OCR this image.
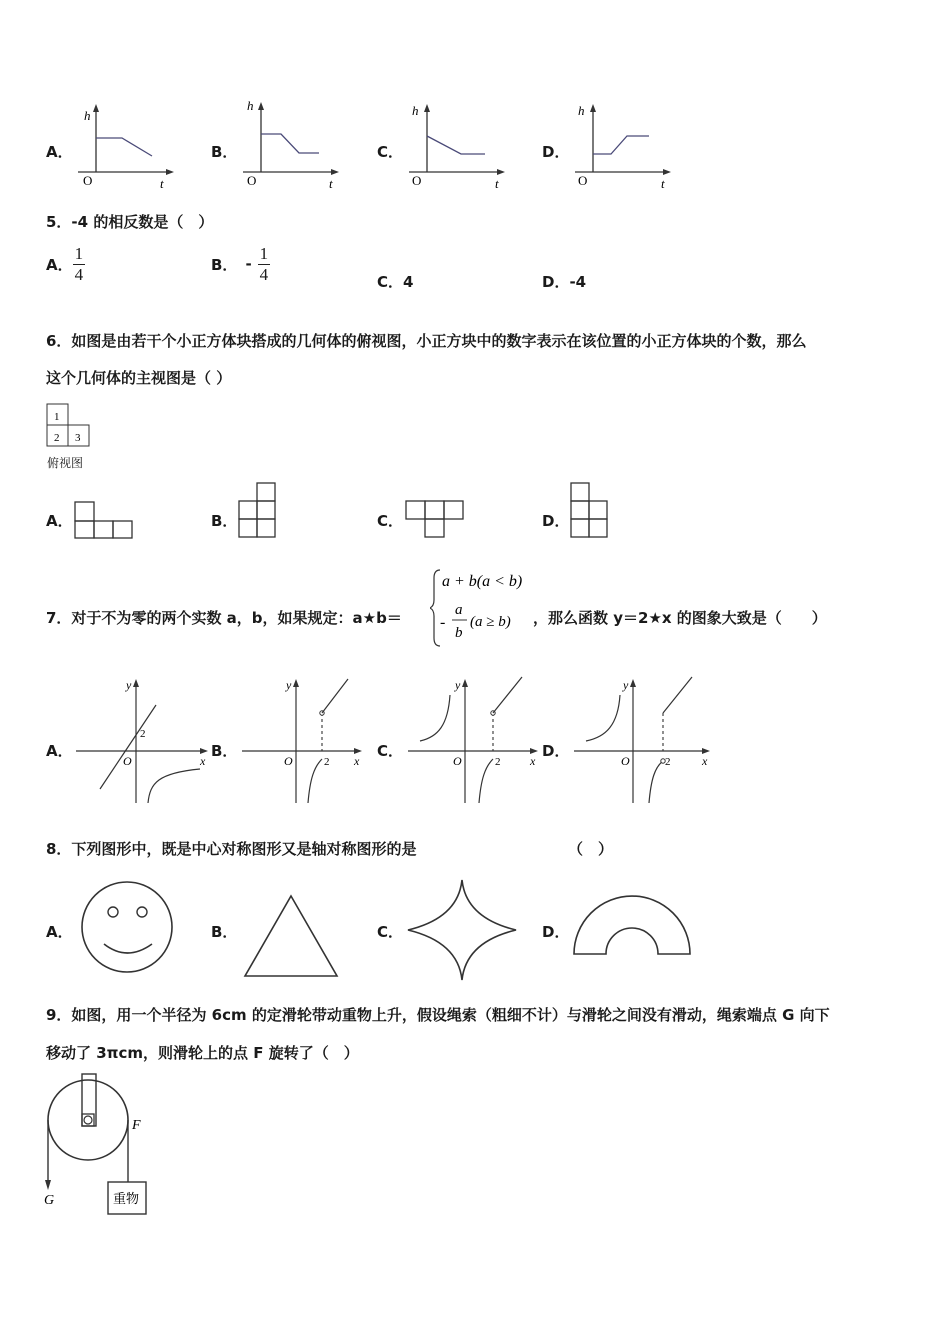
A．	B．	C．	D．
h
O	t
h
O	t
h
O	t
h
O	t
5．-4 的相反数是（　）
A． $\frac{1}{4}$	B． - $\frac{1}{4}$	C．4	D．-4
6．如图是由若干个小正方体块搭成的几何体的俯视图，小正方块中的数字表示在该位置的小正方体块的个数，那么
这个几何体的主视图是（ ）
1
2 3
俯视图
A．	B．	C．	D．
7．对于不为零的两个实数 a，b，如果规定：a★b＝
a + b(a < b)
-
a
b
(a ≥ b) ，那么函数 y＝2★x 的图象大致是（　　）
A．
y
x
O
2
B．
y
x
O	2
C．
y
x
O	2
D．
y
x
O	2
8．下列图形中，既是中心对称图形又是轴对称图形的是	（　）
A．	B．	C．	D．
9．如图，用一个半径为 6cm 的定滑轮带动重物上升，假设绳索（粗细不计）与滑轮之间没有滑动，绳索端点 G 向下
移动了 3πcm，则滑轮上的点 F 旋转了（　）
F
G	重物
